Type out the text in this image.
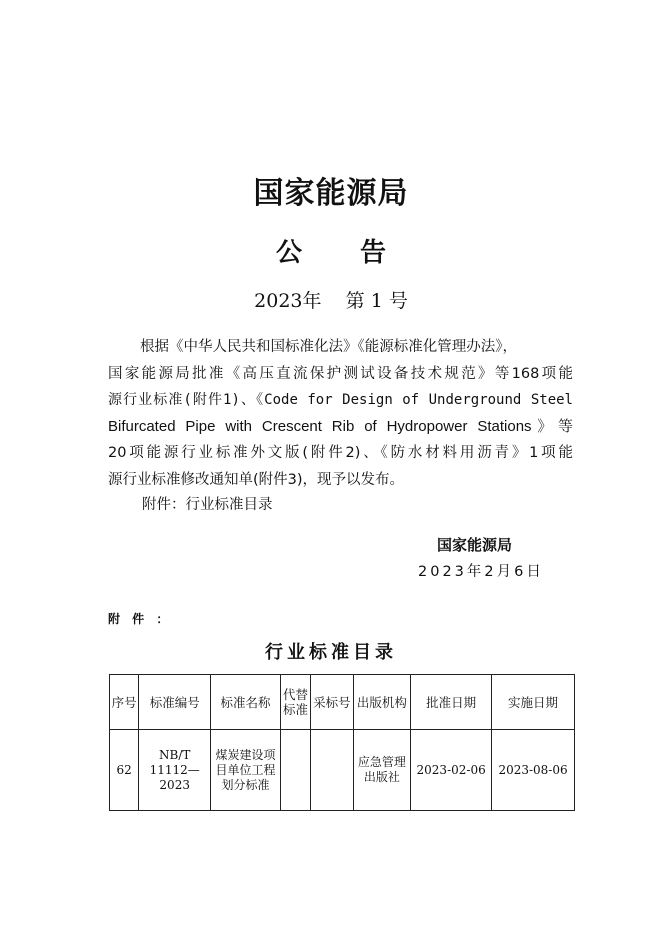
国家能源局
公 告
2023年 第 1 号
根据《中华人民共和国标准化法》《能源标准化管理办法》，
国家能源局批准《高压直流保护测试设备技术规范》等168项能
源行业标准(附件1)、《Code for Design of Underground Steel
Bifurcated Pipe with Crescent Rib of Hydropower Stations》等
20项能源行业标准外文版(附件2)、《防水材料用沥青》1项能
源行业标准修改通知单(附件3)，现予以发布。
附件：行业标准目录
国家能源局
2023年2月6日
附 件 ：
行业标准目录
序号	标准编号	标准名称	代替标准	采标号	出版机构	批准日期	实施日期
62	NB/T 11112—2023	煤炭建设项目单位工程划分标准			应急管理出版社	2023-02-06	2023-08-06
